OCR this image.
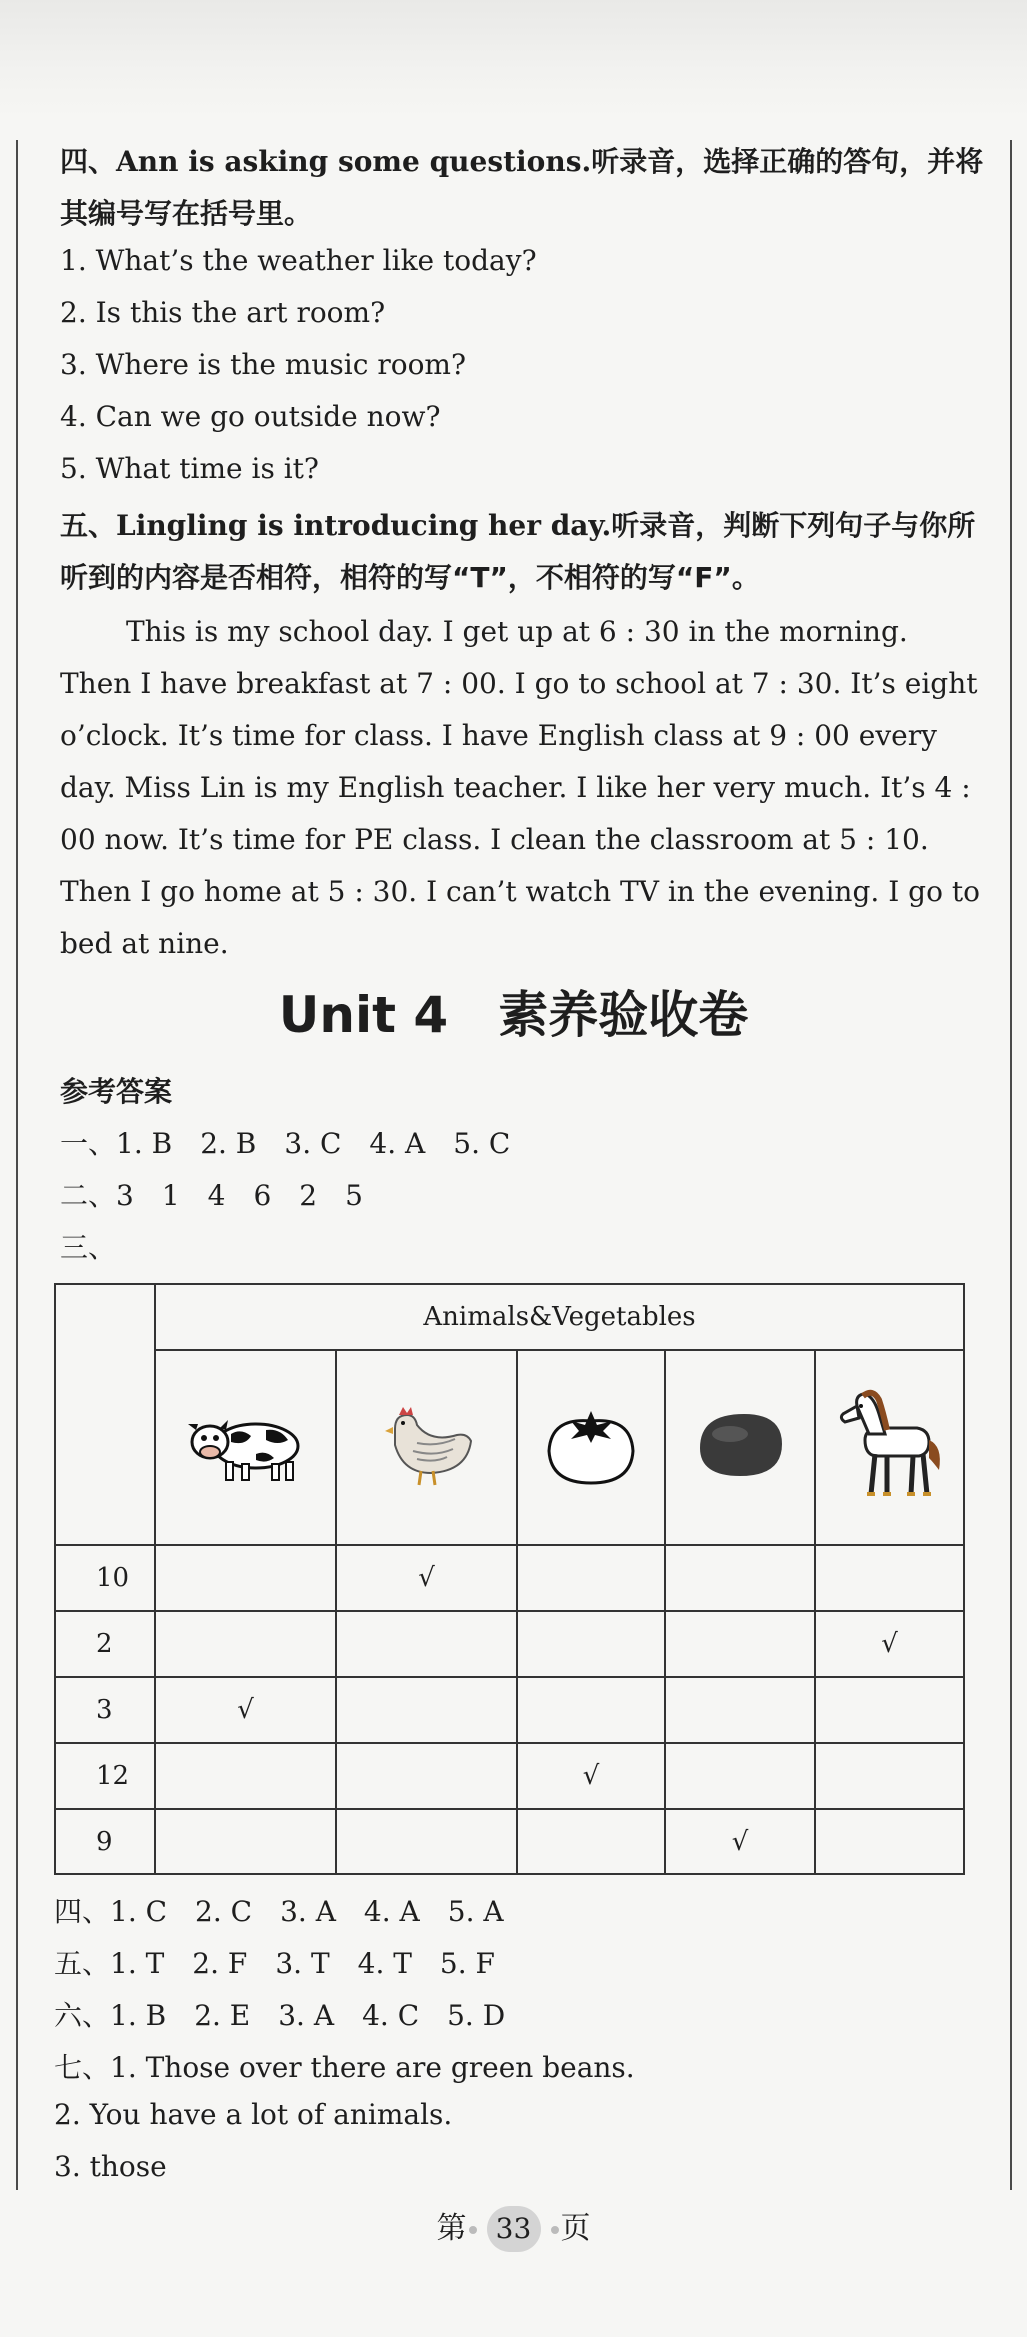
四、Ann is asking some questions.听录音，选择正确的答句，并将
其编号写在括号里。
1. What’s the weather like today?
2. Is this the art room?
3. Where is the music room?
4. Can we go outside now?
5. What time is it?
五、Lingling is introducing her day.听录音，判断下列句子与你所
听到的内容是否相符，相符的写“T”，不相符的写“F”。
This is my school day. I get up at 6 : 30 in the morning.
Then I have breakfast at 7 : 00. I go to school at 7 : 30. It’s eight
o’clock. It’s time for class. I have English class at 9 : 00 every
day. Miss Lin is my English teacher. I like her very much. It’s 4 :
00 now. It’s time for PE class. I clean the classroom at 5 : 10.
Then I go home at 5 : 30. I can’t watch TV in the evening. I go to
bed at nine.
Unit 4 素养验收卷
参考答案
一、1. B　2. B　3. C　4. A　5. C
二、3　1　4　6　2　5
三、
	Animals&Vegetables				

10		√			
2					√
3	√				
12			√		
9				√	
四、1. C　2. C　3. A　4. A　5. A
五、1. T　2. F　3. T　4. T　5. F
六、1. B　2. E　3. A　4. C　5. D
七、1. Those over there are green beans.
2. You have a lot of animals.
3. those
第 33 页
